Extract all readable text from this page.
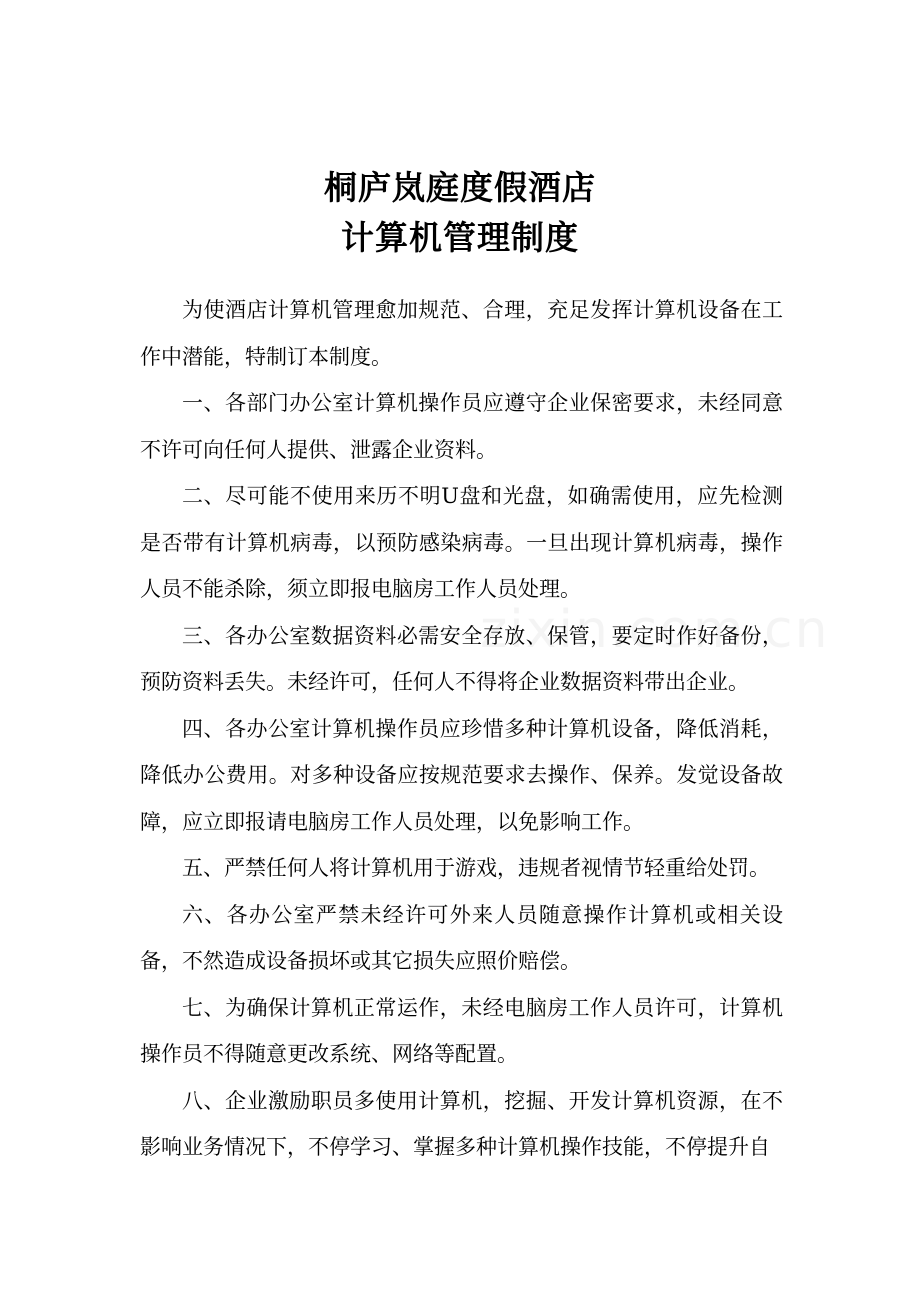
桐庐岚庭度假酒店
计算机管理制度

为使酒店计算机管理愈加规范、合理，充足发挥计算机设备在工作中潜能，特制订本制度。

一、各部门办公室计算机操作员应遵守企业保密要求，未经同意不许可向任何人提供、泄露企业资料。

二、尽可能不使用来历不明U盘和光盘，如确需使用，应先检测是否带有计算机病毒，以预防感染病毒。一旦出现计算机病毒，操作人员不能杀除，须立即报电脑房工作人员处理。

三、各办公室数据资料必需安全存放、保管，要定时作好备份，预防资料丢失。未经许可，任何人不得将企业数据资料带出企业。

四、各办公室计算机操作员应珍惜多种计算机设备，降低消耗，降低办公费用。对多种设备应按规范要求去操作、保养。发觉设备故障，应立即报请电脑房工作人员处理，以免影响工作。

五、严禁任何人将计算机用于游戏，违规者视情节轻重给处罚。

六、各办公室严禁未经许可外来人员随意操作计算机或相关设备，不然造成设备损坏或其它损失应照价赔偿。

七、为确保计算机正常运作，未经电脑房工作人员许可，计算机操作员不得随意更改系统、网络等配置。

八、企业激励职员多使用计算机，挖掘、开发计算机资源，在不影响业务情况下，不停学习、掌握多种计算机操作技能，不停提升自
